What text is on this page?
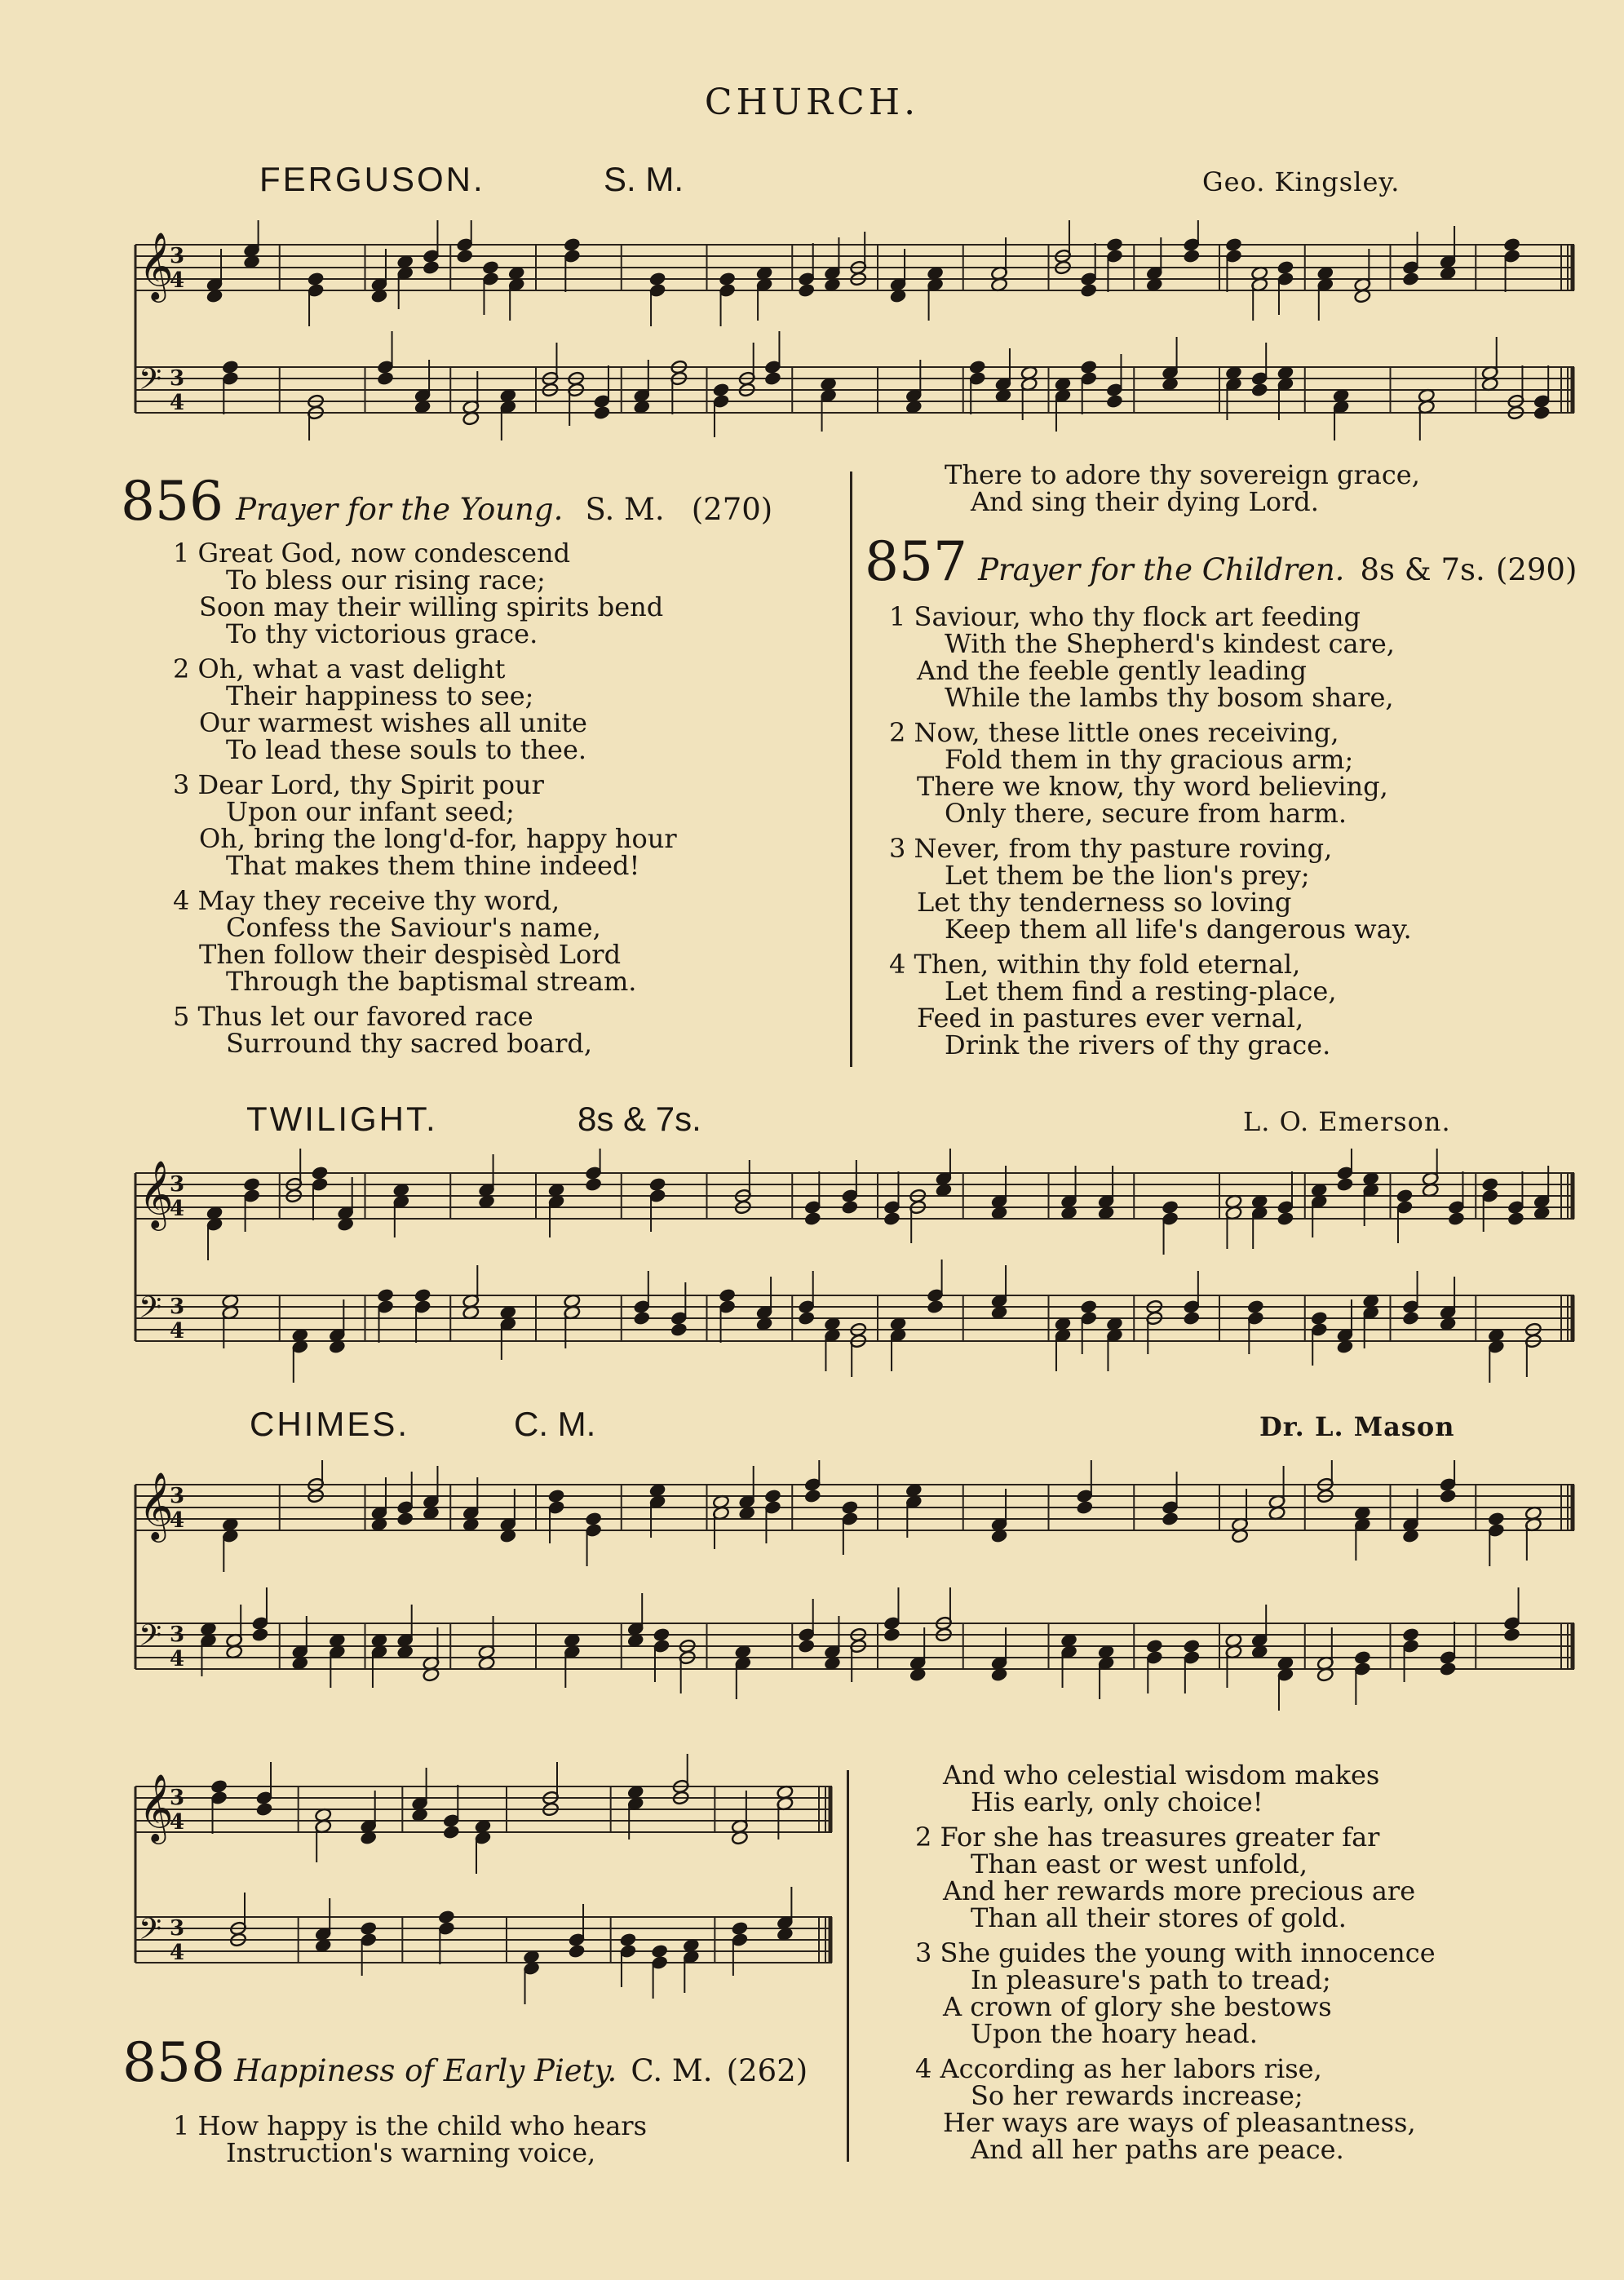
CHURCH.
FERGUSON.	S. M.	Geo. Kingsley.
𝄞
3
4
𝄢 3
4
856 Prayer for the Young. S. M. (270)
1 Great God, now condescend
To bless our rising race;
Soon may their willing spirits bend
To thy victorious grace.
2 Oh, what a vast delight
Their happiness to see;
Our warmest wishes all unite
To lead these souls to thee.
3 Dear Lord, thy Spirit pour
Upon our infant seed;
Oh, bring the long'd-for, happy hour
That makes them thine indeed!
4 May they receive thy word,
Confess the Saviour's name,
Then follow their despisèd Lord
Through the baptismal stream.
5 Thus let our favored race
Surround thy sacred board,
There to adore thy sovereign grace,
And sing their dying Lord.
857 Prayer for the Children. 8s & 7s. (290)
1 Saviour, who thy flock art feeding
With the Shepherd's kindest care,
And the feeble gently leading
While the lambs thy bosom share,
2 Now, these little ones receiving,
Fold them in thy gracious arm;
There we know, thy word believing,
Only there, secure from harm.
3 Never, from thy pasture roving,
Let them be the lion's prey;
Let thy tenderness so loving
Keep them all life's dangerous way.
4 Then, within thy fold eternal,
Let them find a resting-place,
Feed in pastures ever vernal,
Drink the rivers of thy grace.
TWILIGHT.	8s & 7s.	L. O. Emerson.
𝄞
3
4
𝄢 3
4
CHIMES.	C. M.	Dr. L. Mason
𝄞
3
4
𝄢 3
4
𝄞
3
4
𝄢 3
4
858 Happiness of Early Piety. C. M. (262)
1 How happy is the child who hears
Instruction's warning voice,
And who celestial wisdom makes
His early, only choice!
2 For she has treasures greater far
Than east or west unfold,
And her rewards more precious are
Than all their stores of gold.
3 She guides the young with innocence
In pleasure's path to tread;
A crown of glory she bestows
Upon the hoary head.
4 According as her labors rise,
So her rewards increase;
Her ways are ways of pleasantness,
And all her paths are peace.
